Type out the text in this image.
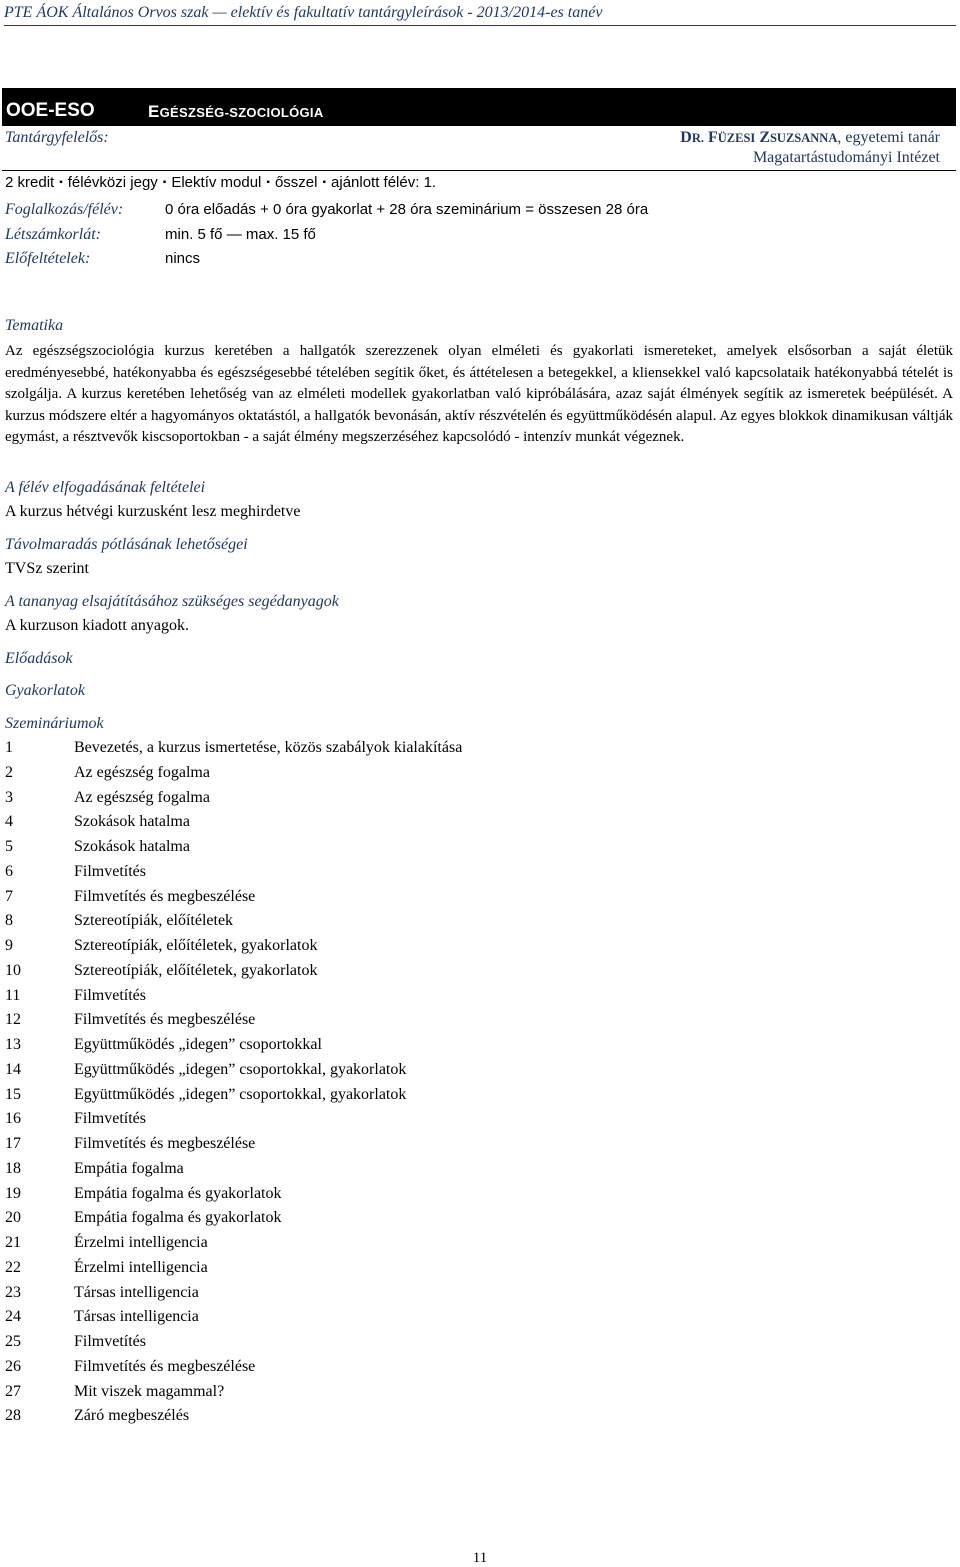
PTE ÁOK Általános Orvos szak — elektív és fakultatív tantárgyleírások - 2013/2014-es tanév
OOE-ESO	EGÉSZSÉG-SZOCIOLÓGIA
Tantárgyfelelős:	DR. FÜZESI ZSUZSANNA, egyetemi tanár
Magatartástudományi Intézet
2 kredit ▪ félévközi jegy ▪ Elektív modul ▪ ősszel ▪ ajánlott félév: 1.
Foglalkozás/félév:	0 óra előadás + 0 óra gyakorlat + 28 óra szeminárium = összesen 28 óra
Létszámkorlát:	min. 5 fő — max. 15 fő
Előfeltételek:	nincs
Tematika
Az egészségszociológia kurzus keretében a hallgatók szerezzenek olyan elméleti és gyakorlati ismereteket, amelyek elsősorban a saját életük eredményesebbé, hatékonyabba és egészségesebbé tételében segítik őket, és áttételesen a betegekkel, a kliensekkel való kapcsolataik hatékonyabbá tételét is szolgálja. A kurzus keretében lehetőség van az elméleti modellek gyakorlatban való kipróbálására, azaz saját élmények segítik az ismeretek beépülését. A kurzus módszere eltér a hagyományos oktatástól, a hallgatók bevonásán, aktív részvételén és együttműködésén alapul. Az egyes blokkok dinamikusan váltják egymást, a résztvevők kiscsoportokban - a saját élmény megszerzéséhez kapcsolódó - intenzív munkát végeznek.
A félév elfogadásának feltételei
A kurzus hétvégi kurzusként lesz meghirdetve
Távolmaradás pótlásának lehetőségei
TVSz szerint
A tananyag elsajátításához szükséges segédanyagok
A kurzuson kiadott anyagok.
Előadások
Gyakorlatok
Szemináriumok
1	Bevezetés, a kurzus ismertetése, közös szabályok kialakítása
2	Az egészség fogalma
3	Az egészség fogalma
4	Szokások hatalma
5	Szokások hatalma
6	Filmvetítés
7	Filmvetítés és megbeszélése
8	Sztereotípiák, előítéletek
9	Sztereotípiák, előítéletek, gyakorlatok
10	Sztereotípiák, előítéletek, gyakorlatok
11	Filmvetítés
12	Filmvetítés és megbeszélése
13	Együttműködés „idegen” csoportokkal
14	Együttműködés „idegen” csoportokkal, gyakorlatok
15	Együttműködés „idegen” csoportokkal, gyakorlatok
16	Filmvetítés
17	Filmvetítés és megbeszélése
18	Empátia fogalma
19	Empátia fogalma és gyakorlatok
20	Empátia fogalma és gyakorlatok
21	Érzelmi intelligencia
22	Érzelmi intelligencia
23	Társas intelligencia
24	Társas intelligencia
25	Filmvetítés
26	Filmvetítés és megbeszélése
27	Mit viszek magammal?
28	Záró megbeszélés
11
